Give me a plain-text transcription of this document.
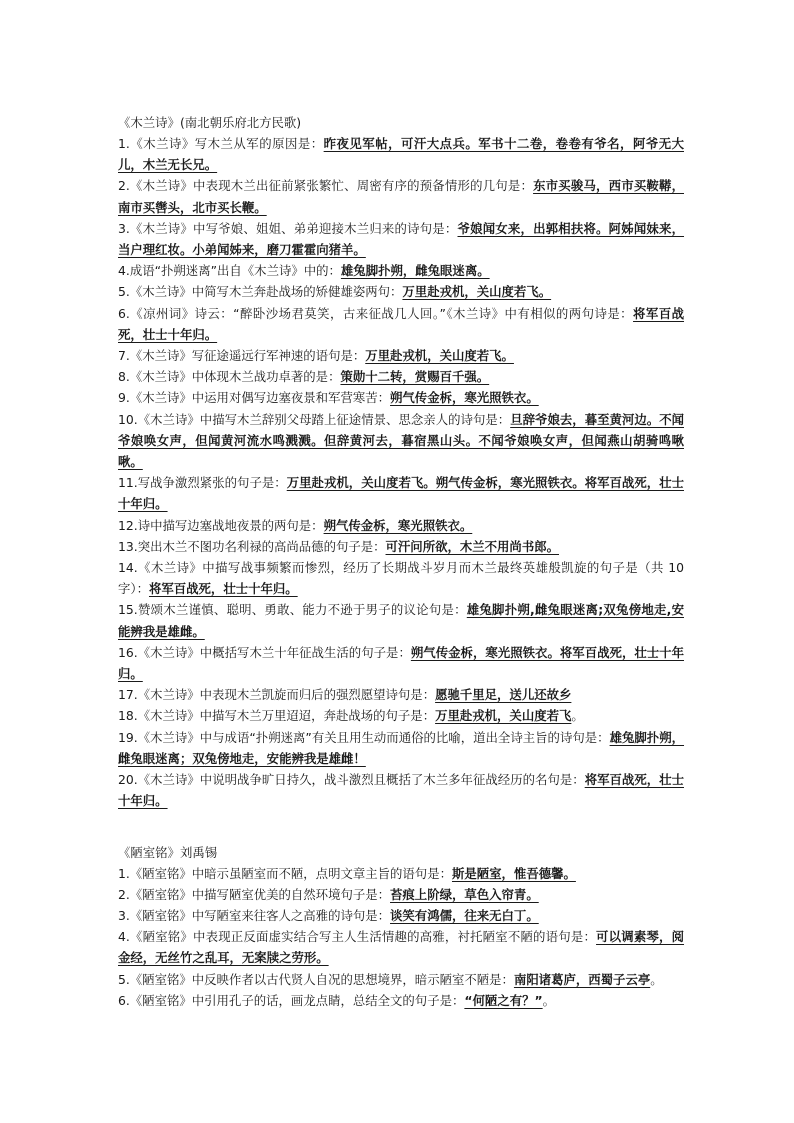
《木兰诗》(南北朝乐府北方民歌)

1.《木兰诗》写木兰从军的原因是：昨夜见军帖，可汗大点兵。军书十二卷，卷卷有爷名，阿爷无大儿，木兰无长兄。

2.《木兰诗》中表现木兰出征前紧张繁忙、周密有序的预备情形的几句是：东市买骏马，西市买鞍鞯，南市买辔头，北市买长鞭。

3.《木兰诗》中写爷娘、姐姐、弟弟迎接木兰归来的诗句是：爷娘闻女来，出郭相扶将。阿姊闻妹来，当户理红妆。小弟闻姊来，磨刀霍霍向猪羊。

4.成语“扑朔迷离”出自《木兰诗》中的：雄兔脚扑朔，雌兔眼迷离。

5.《木兰诗》中简写木兰奔赴战场的矫健雄姿两句：万里赴戎机，关山度若飞。

6.《凉州词》诗云：“醉卧沙场君莫笑，古来征战几人回。”《木兰诗》中有相似的两句诗是：将军百战死，壮士十年归。

7.《木兰诗》写征途遥远行军神速的语句是：万里赴戎机，关山度若飞。

8.《木兰诗》中体现木兰战功卓著的是：策勋十二转，赏赐百千强。

9.《木兰诗》中运用对偶写边塞夜景和军营寒苦：朔气传金柝，寒光照铁衣。

10.《木兰诗》中描写木兰辞别父母踏上征途情景、思念亲人的诗句是：旦辞爷娘去，暮至黄河边。不闻爷娘唤女声，但闻黄河流水鸣溅溅。但辞黄河去，暮宿黑山头。不闻爷娘唤女声，但闻燕山胡骑鸣啾啾。

11.写战争激烈紧张的句子是：万里赴戎机，关山度若飞。朔气传金柝，寒光照铁衣。将军百战死，壮士十年归。

12.诗中描写边塞战地夜景的两句是：朔气传金柝，寒光照铁衣。

13.突出木兰不图功名利禄的高尚品德的句子是：可汗问所欲，木兰不用尚书郎。

14.《木兰诗》中描写战事频繁而惨烈，经历了长期战斗岁月而木兰最终英雄般凯旋的句子是（共 10 字）：将军百战死，壮士十年归。

15.赞颂木兰谨慎、聪明、勇敢、能力不逊于男子的议论句是：雄兔脚扑朔,雌兔眼迷离;双兔傍地走,安能辨我是雄雌。

16.《木兰诗》中概括写木兰十年征战生活的句子是：朔气传金柝，寒光照铁衣。将军百战死，壮士十年归。

17.《木兰诗》中表现木兰凯旋而归后的强烈愿望诗句是：愿驰千里足，送儿还故乡

18.《木兰诗》中描写木兰万里迢迢，奔赴战场的句子是：万里赴戎机，关山度若飞。

19.《木兰诗》中与成语“扑朔迷离”有关且用生动而通俗的比喻，道出全诗主旨的诗句是：雄兔脚扑朔，雌兔眼迷离；双兔傍地走，安能辨我是雄雌！

20.《木兰诗》中说明战争旷日持久，战斗激烈且概括了木兰多年征战经历的名句是：将军百战死，壮士十年归。

《陋室铭》刘禹锡

1.《陋室铭》中暗示虽陋室而不陋，点明文章主旨的语句是：斯是陋室，惟吾德馨。

2.《陋室铭》中描写陋室优美的自然环境句子是：苔痕上阶绿，草色入帘青。

3.《陋室铭》中写陋室来往客人之高雅的诗句是：谈笑有鸿儒，往来无白丁。

4.《陋室铭》中表现正反面虚实结合写主人生活情趣的高雅，衬托陋室不陋的语句是：可以调素琴，阅金经，无丝竹之乱耳，无案牍之劳形。

5.《陋室铭》中反映作者以古代贤人自况的思想境界，暗示陋室不陋是：南阳诸葛庐，西蜀子云亭。

6.《陋室铭》中引用孔子的话，画龙点睛，总结全文的句子是：“何陋之有？”。
